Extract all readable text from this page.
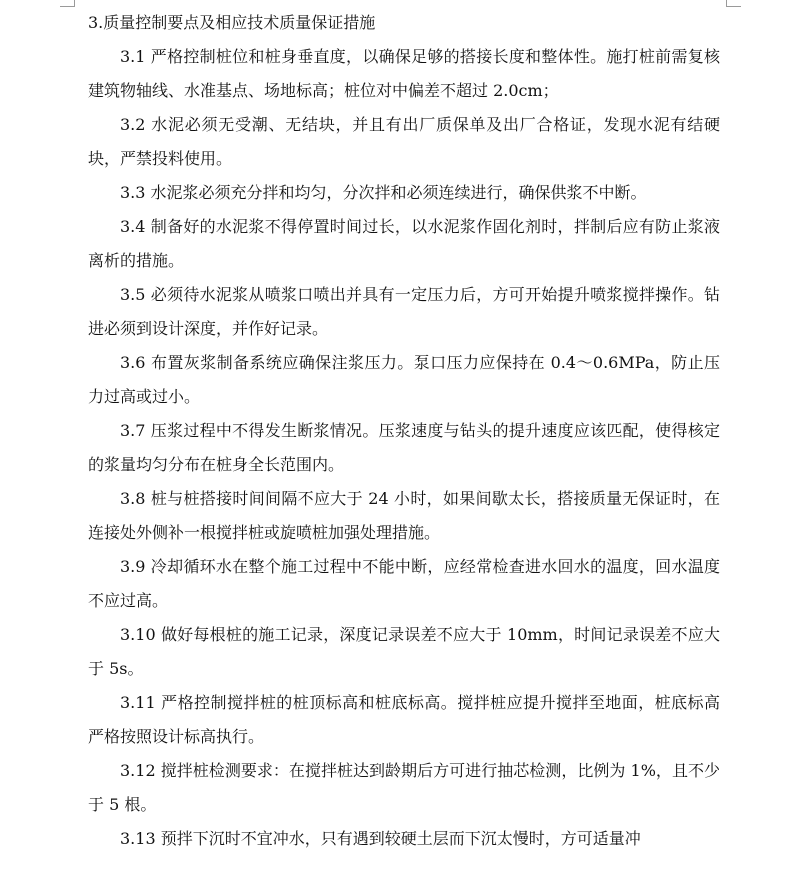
3.质量控制要点及相应技术质量保证措施

3.1 严格控制桩位和桩身垂直度，以确保足够的搭接长度和整体性。施打桩前需复核建筑物轴线、水准基点、场地标高；桩位对中偏差不超过 2.0cm；

3.2 水泥必须无受潮、无结块，并且有出厂质保单及出厂合格证，发现水泥有结硬块，严禁投料使用。

3.3 水泥浆必须充分拌和均匀，分次拌和必须连续进行，确保供浆不中断。

3.4 制备好的水泥浆不得停置时间过长，以水泥浆作固化剂时，拌制后应有防止浆液离析的措施。

3.5 必须待水泥浆从喷浆口喷出并具有一定压力后，方可开始提升喷浆搅拌操作。钻进必须到设计深度，并作好记录。

3.6 布置灰浆制备系统应确保注浆压力。泵口压力应保持在 0.4～0.6MPa，防止压力过高或过小。

3.7 压浆过程中不得发生断浆情况。压浆速度与钻头的提升速度应该匹配，使得核定的浆量均匀分布在桩身全长范围内。

3.8 桩与桩搭接时间间隔不应大于 24 小时，如果间歇太长，搭接质量无保证时，在连接处外侧补一根搅拌桩或旋喷桩加强处理措施。

3.9 冷却循环水在整个施工过程中不能中断，应经常检查进水回水的温度，回水温度不应过高。

3.10 做好每根桩的施工记录，深度记录误差不应大于 10mm，时间记录误差不应大于 5s。

3.11 严格控制搅拌桩的桩顶标高和桩底标高。搅拌桩应提升搅拌至地面，桩底标高严格按照设计标高执行。

3.12 搅拌桩检测要求：在搅拌桩达到龄期后方可进行抽芯检测，比例为 1%，且不少于 5 根。

3.13 预拌下沉时不宜冲水，只有遇到较硬土层而下沉太慢时，方可适量冲
